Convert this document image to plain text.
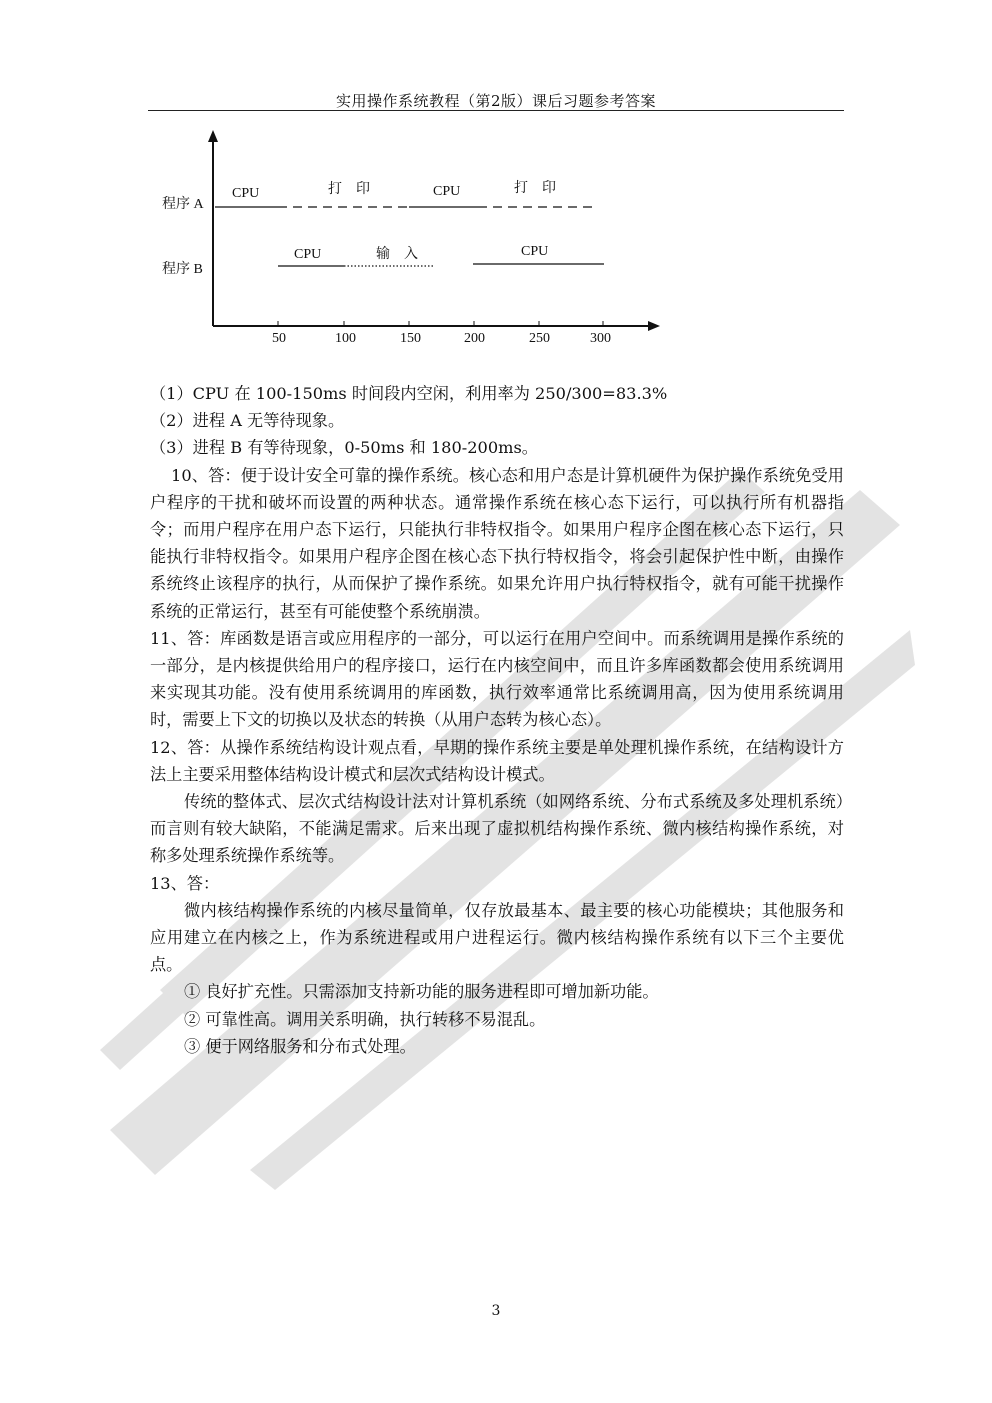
实用操作系统教程（第2版）课后习题参考答案
程序 A
程序 B
CPU	打　印	CPU	打　印
CPU	输　入	CPU
50	100	150	200	250	300

（1）CPU 在 100-150ms 时间段内空闲，利用率为 250/300=83.3%

（2）进程 A 无等待现象。

（3）进程 B 有等待现象，0-50ms 和 180-200ms。

10、答：便于设计安全可靠的操作系统。核心态和用户态是计算机硬件为保护操作系统免受用户程序的干扰和破坏而设置的两种状态。通常操作系统在核心态下运行，可以执行所有机器指令；而用户程序在用户态下运行，只能执行非特权指令。如果用户程序企图在核心态下运行，只能执行非特权指令。如果用户程序企图在核心态下执行特权指令，将会引起保护性中断，由操作系统终止该程序的执行，从而保护了操作系统。如果允许用户执行特权指令，就有可能干扰操作系统的正常运行，甚至有可能使整个系统崩溃。

11、答：库函数是语言或应用程序的一部分，可以运行在用户空间中。而系统调用是操作系统的一部分，是内核提供给用户的程序接口，运行在内核空间中，而且许多库函数都会使用系统调用来实现其功能。没有使用系统调用的库函数，执行效率通常比系统调用高，因为使用系统调用时，需要上下文的切换以及状态的转换（从用户态转为核心态）。

12、答：从操作系统结构设计观点看，早期的操作系统主要是单处理机操作系统，在结构设计方法上主要采用整体结构设计模式和层次式结构设计模式。

传统的整体式、层次式结构设计法对计算机系统（如网络系统、分布式系统及多处理机系统）而言则有较大缺陷，不能满足需求。后来出现了虚拟机结构操作系统、微内核结构操作系统，对称多处理系统操作系统等。

13、答：

微内核结构操作系统的内核尽量简单，仅存放最基本、最主要的核心功能模块；其他服务和应用建立在内核之上，作为系统进程或用户进程运行。微内核结构操作系统有以下三个主要优点。

① 良好扩充性。只需添加支持新功能的服务进程即可增加新功能。

② 可靠性高。调用关系明确，执行转移不易混乱。

③ 便于网络服务和分布式处理。

3
